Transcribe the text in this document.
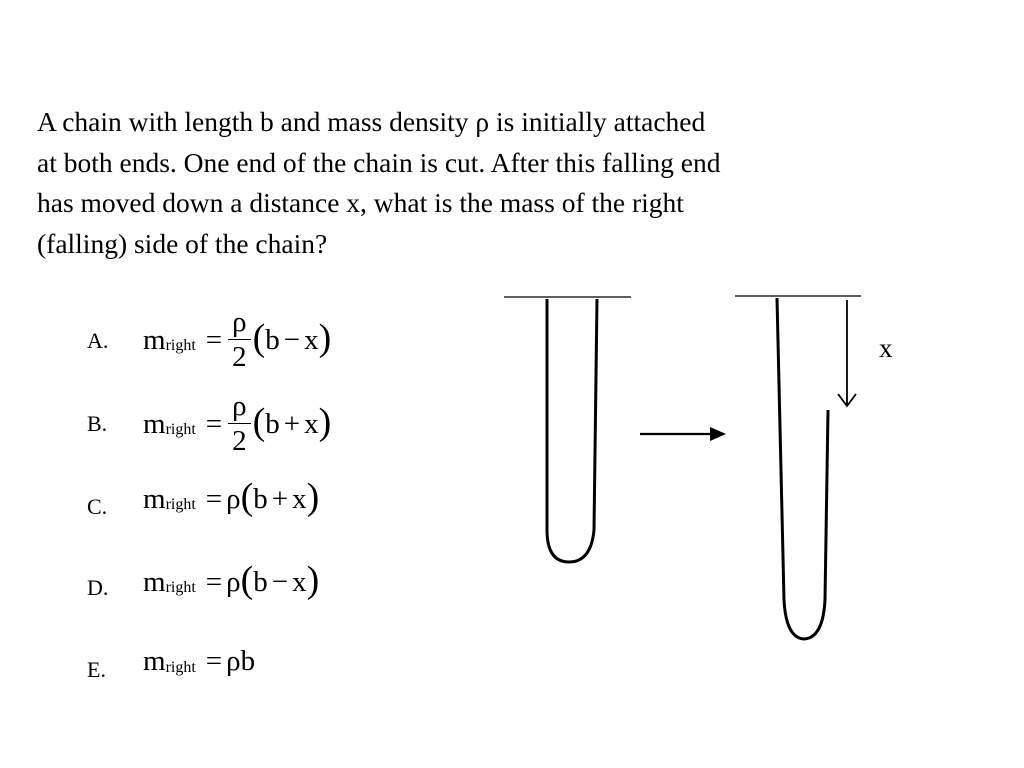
A chain with length b and mass density ρ is initially attached
at both ends. One end of the chain is cut. After this falling end
has moved down a distance x, what is the mass of the right
(falling) side of the chain?
A. $m_{right} = \frac{\rho}{2}$ ( b − x )
B. $m_{right} = \frac{\rho}{2}$ ( b + x )
C. $m_{right} = \rho$ ( b + x )
D. $m_{right} = \rho$ ( b − x )
E. $m_{right} = \rho b$
x
